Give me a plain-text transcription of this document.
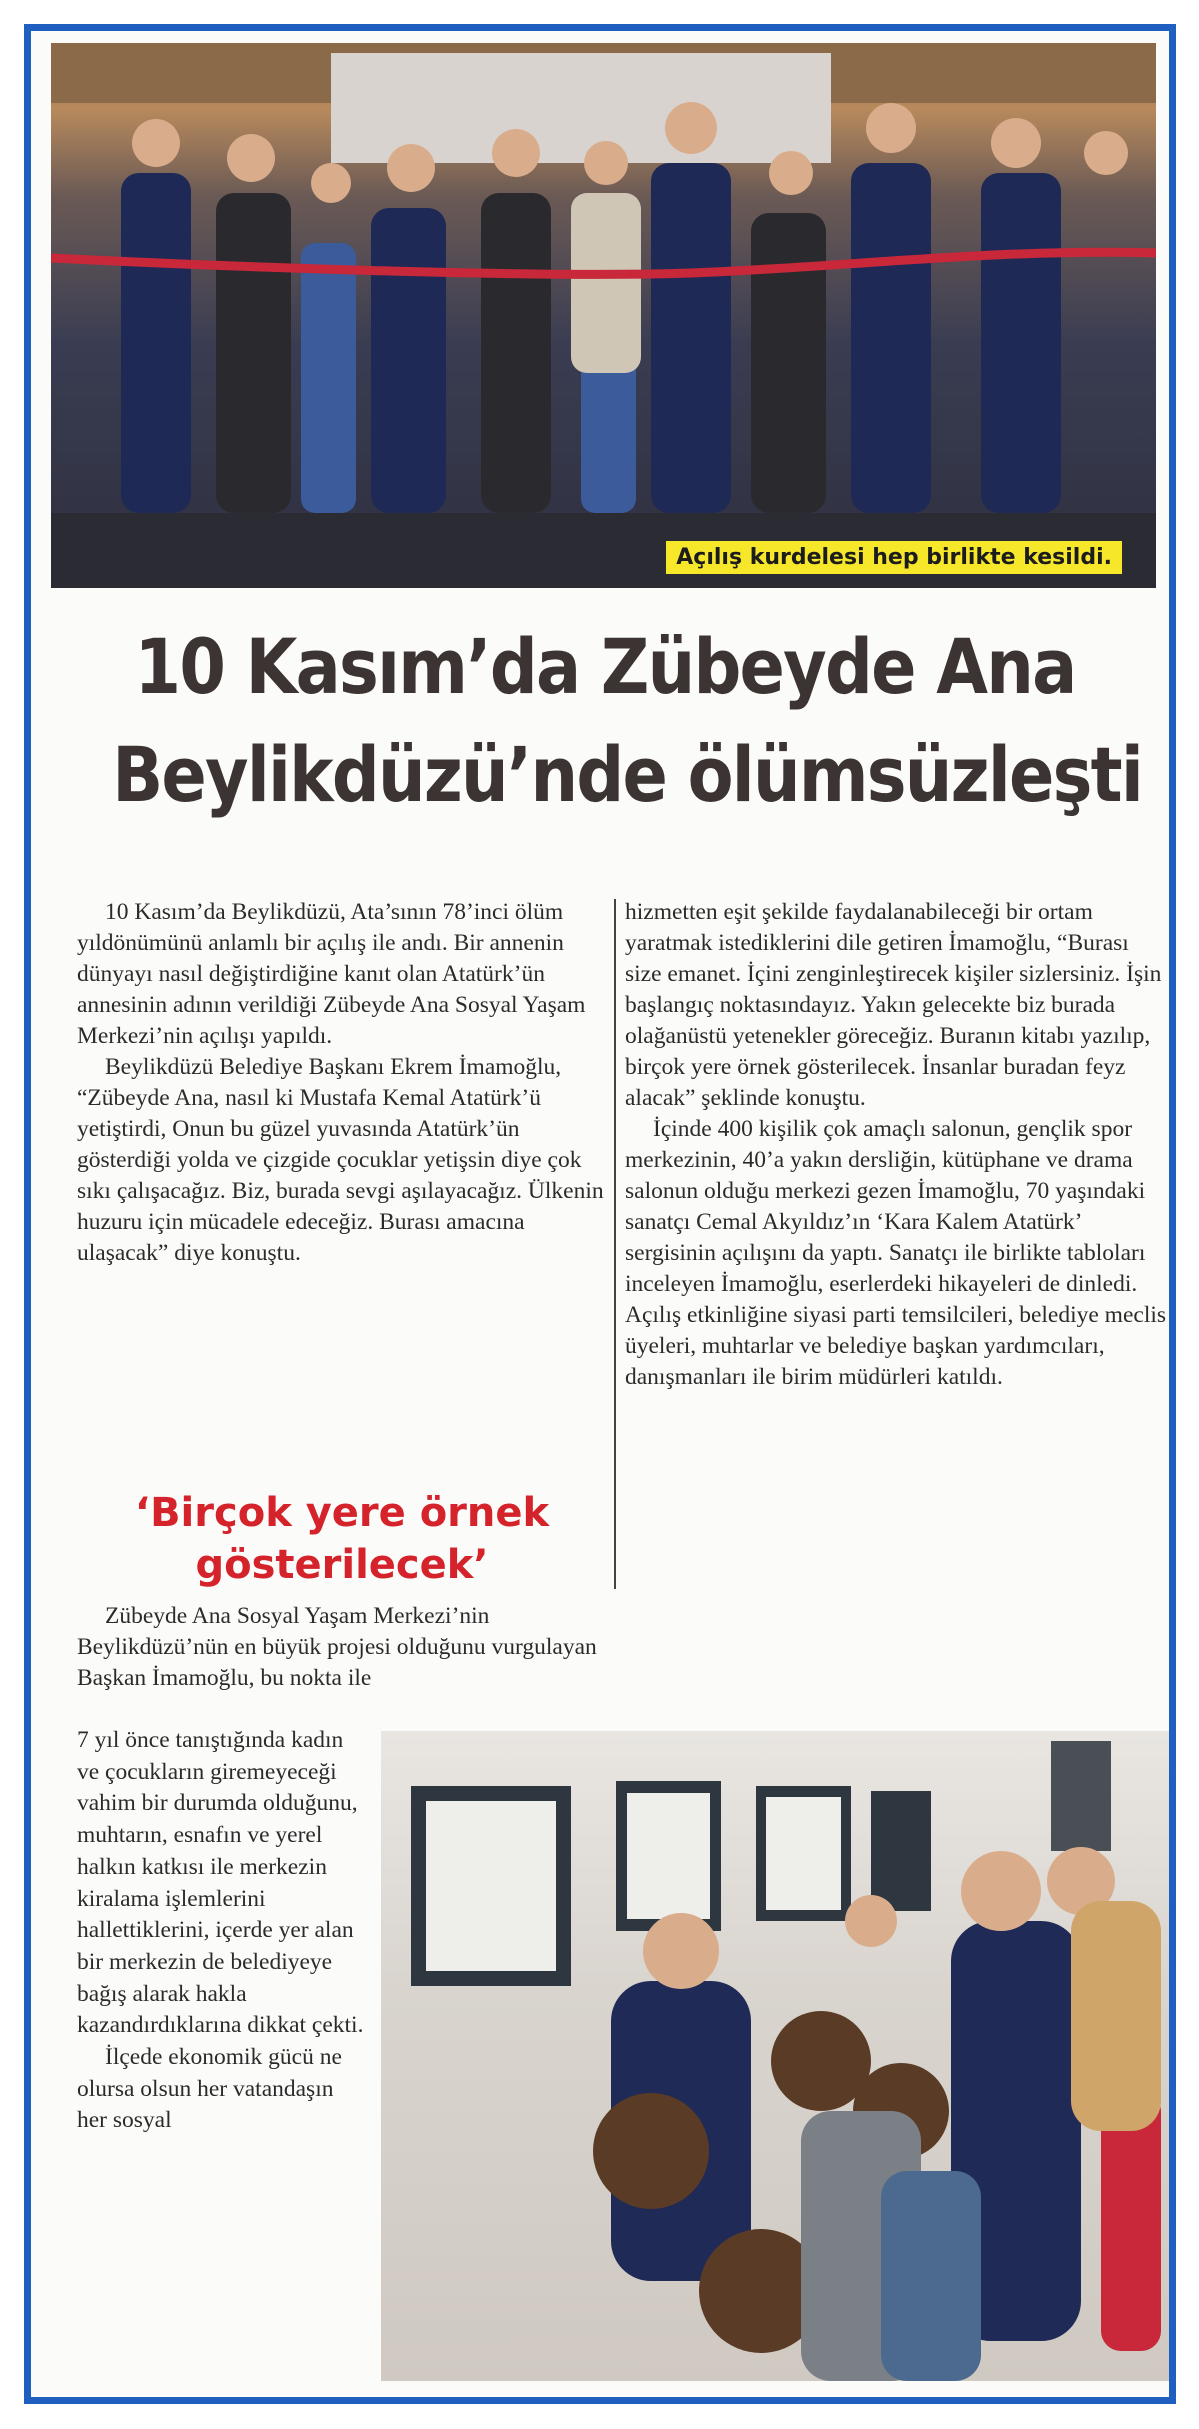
Açılış kurdelesi hep birlikte kesildi.
10 Kasım’da Zübeyde Ana
Beylikdüzü’nde ölümsüzleşti

10 Kasım’da Beylikdüzü, Ata’sının 78’inci ölüm yıldönümünü anlamlı bir açılış ile andı. Bir annenin dünyayı nasıl değiştirdiğine kanıt olan Atatürk’ün annesinin adının verildiği Zübeyde Ana Sosyal Yaşam Merkezi’nin açılışı yapıldı.

Beylikdüzü Belediye Başkanı Ekrem İmamoğlu, “Zübeyde Ana, nasıl ki Mustafa Kemal Atatürk’ü yetiştirdi, Onun bu güzel yuvasında Atatürk’ün gösterdiği yolda ve çizgide çocuklar yetişsin diye çok sıkı çalışacağız. Biz, burada sevgi aşılayacağız. Ülkenin huzuru için mücadele edeceğiz. Burası amacına ulaşacak” diye konuştu.

‘Birçok yere örnek gösterilecek’

Zübeyde Ana Sosyal Yaşam Merkezi’nin Beylikdüzü’nün en büyük projesi olduğunu vurgulayan Başkan İmamoğlu, bu nokta ile

7 yıl önce tanıştığında kadın ve çocukların giremeyeceği vahim bir durumda olduğunu, muhtarın, esnafın ve yerel halkın katkısı ile merkezin kiralama işlemlerini hallettiklerini, içerde yer alan bir merkezin de belediyeye bağış alarak hakla kazandırdıklarına dikkat çekti.

İlçede ekonomik gücü ne olursa olsun her vatandaşın her sosyal

hizmetten eşit şekilde faydalanabileceği bir ortam yaratmak istediklerini dile getiren İmamoğlu, “Burası size emanet. İçini zenginleştirecek kişiler sizlersiniz. İşin başlangıç noktasındayız. Yakın gelecekte biz burada olağanüstü yetenekler göreceğiz. Buranın kitabı yazılıp, birçok yere örnek gösterilecek. İnsanlar buradan feyz alacak” şeklinde konuştu.

İçinde 400 kişilik çok amaçlı salonun, gençlik spor merkezinin, 40’a yakın dersliğin, kütüphane ve drama salonun olduğu merkezi gezen İmamoğlu, 70 yaşındaki sanatçı Cemal Akyıldız’ın ‘Kara Kalem Atatürk’ sergisinin açılışını da yaptı. Sanatçı ile birlikte tabloları inceleyen İmamoğlu, eserlerdeki hikayeleri de dinledi. Açılış etkinliğine siyasi parti temsilcileri, belediye meclis üyeleri, muhtarlar ve belediye başkan yardımcıları, danışmanları ile birim müdürleri katıldı.
